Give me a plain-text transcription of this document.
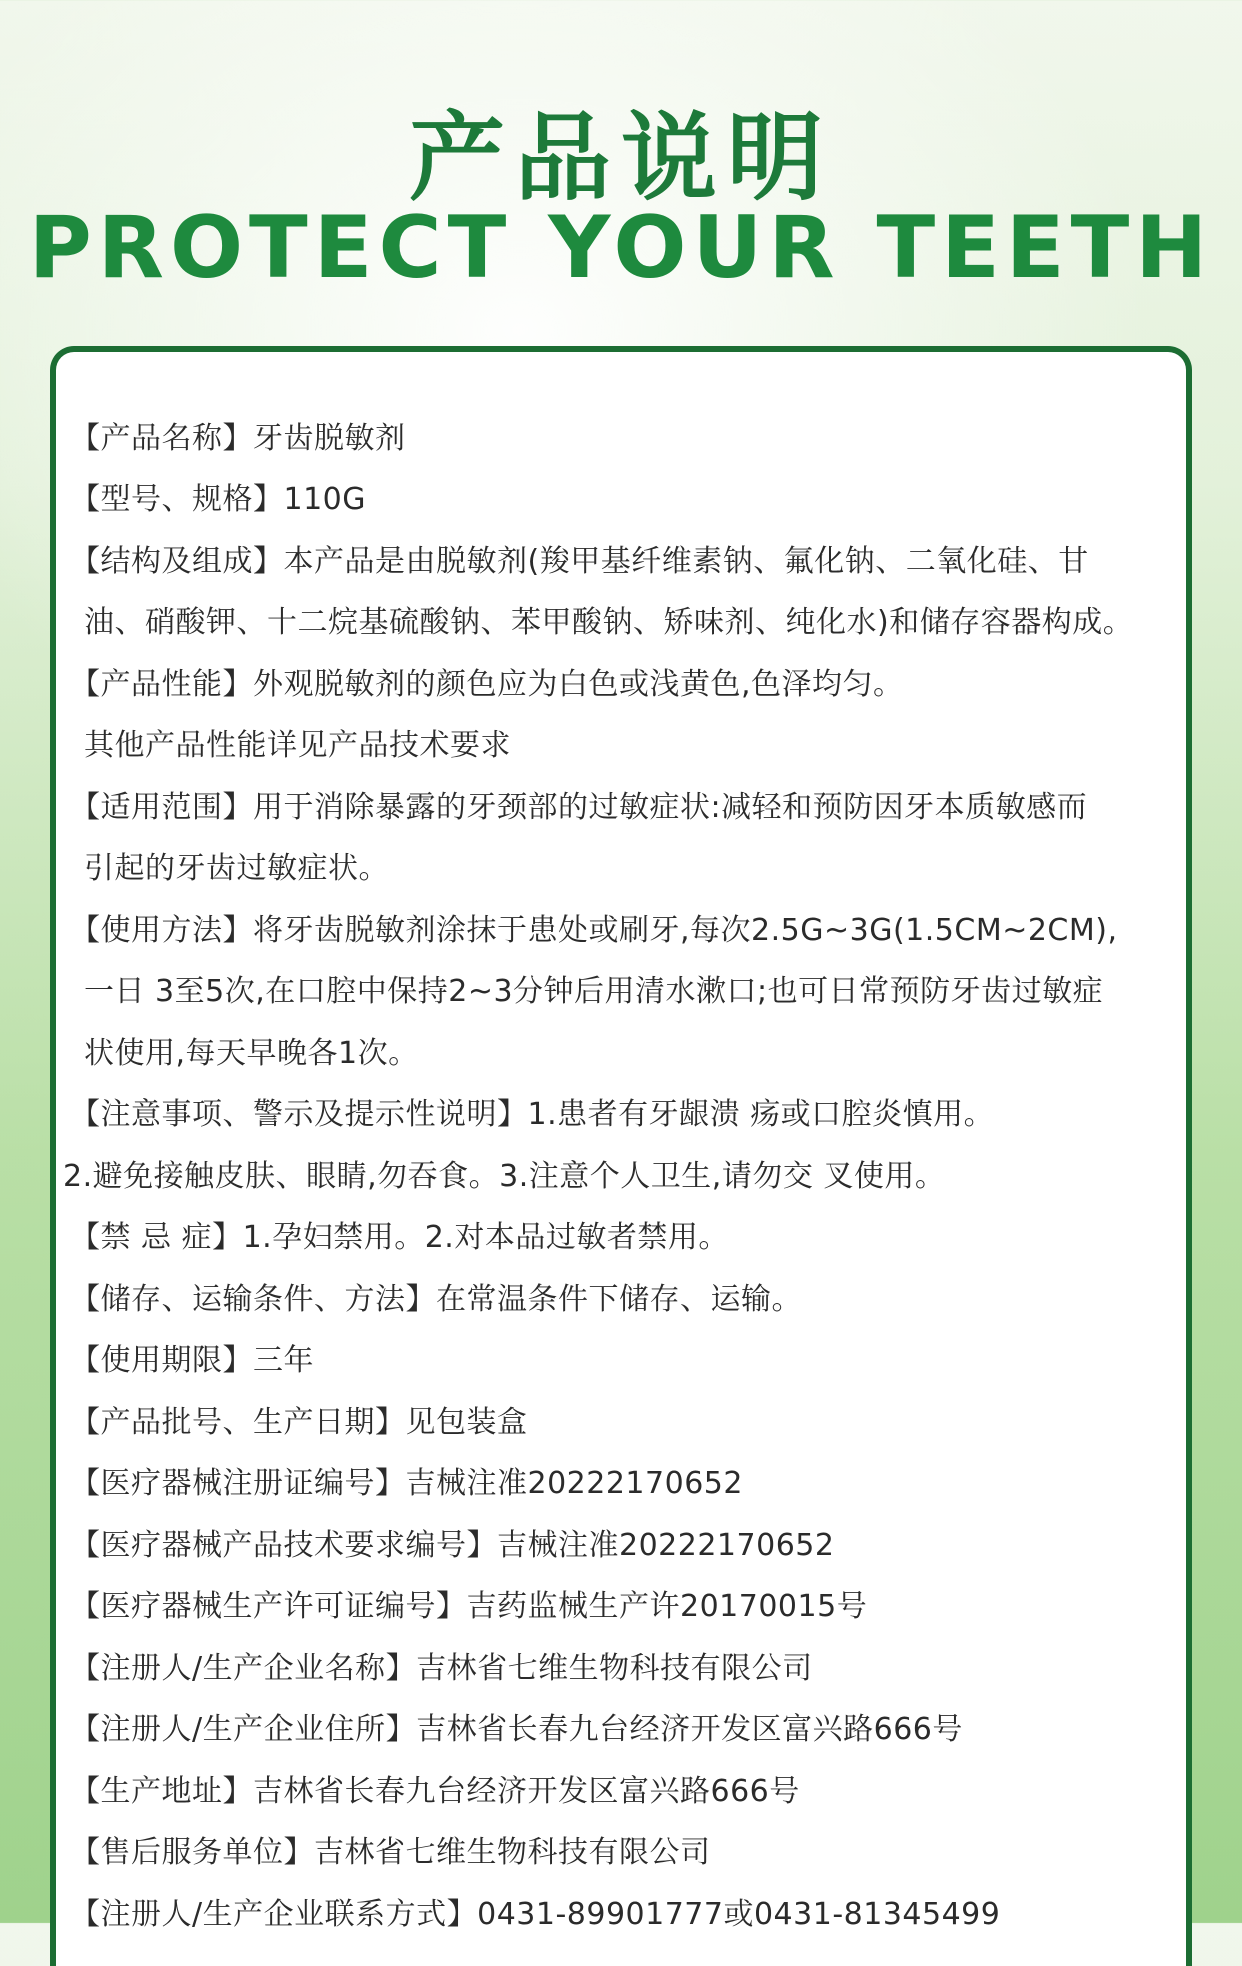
产品说明
PROTECT YOUR TEETH
【产品名称】牙齿脱敏剂
【型号、规格】110G
【结构及组成】本产品是由脱敏剂(羧甲基纤维素钠、氟化钠、二氧化硅、甘
油、硝酸钾、十二烷基硫酸钠、苯甲酸钠、矫味剂、纯化水)和储存容器构成。
【产品性能】外观脱敏剂的颜色应为白色或浅黄色,色泽均匀。
其他产品性能详见产品技术要求
【适用范围】用于消除暴露的牙颈部的过敏症状:减轻和预防因牙本质敏感而
引起的牙齿过敏症状。
【使用方法】将牙齿脱敏剂涂抹于患处或刷牙,每次2.5G~3G(1.5CM~2CM),
一日 3至5次,在口腔中保持2~3分钟后用清水漱口;也可日常预防牙齿过敏症
状使用,每天早晚各1次。
【注意事项、警示及提示性说明】1.患者有牙龈溃 疡或口腔炎慎用。
2.避免接触皮肤、眼睛,勿吞食。3.注意个人卫生,请勿交 叉使用。
【禁 忌 症】1.孕妇禁用。2.对本品过敏者禁用。
【储存、运输条件、方法】在常温条件下储存、运输。
【使用期限】三年
【产品批号、生产日期】见包装盒
【医疗器械注册证编号】吉械注准20222170652
【医疗器械产品技术要求编号】吉械注准20222170652
【医疗器械生产许可证编号】吉药监械生产许20170015号
【注册人/生产企业名称】吉林省七维生物科技有限公司
【注册人/生产企业住所】吉林省长春九台经济开发区富兴路666号
【生产地址】吉林省长春九台经济开发区富兴路666号
【售后服务单位】吉林省七维生物科技有限公司
【注册人/生产企业联系方式】0431-89901777或0431-81345499
